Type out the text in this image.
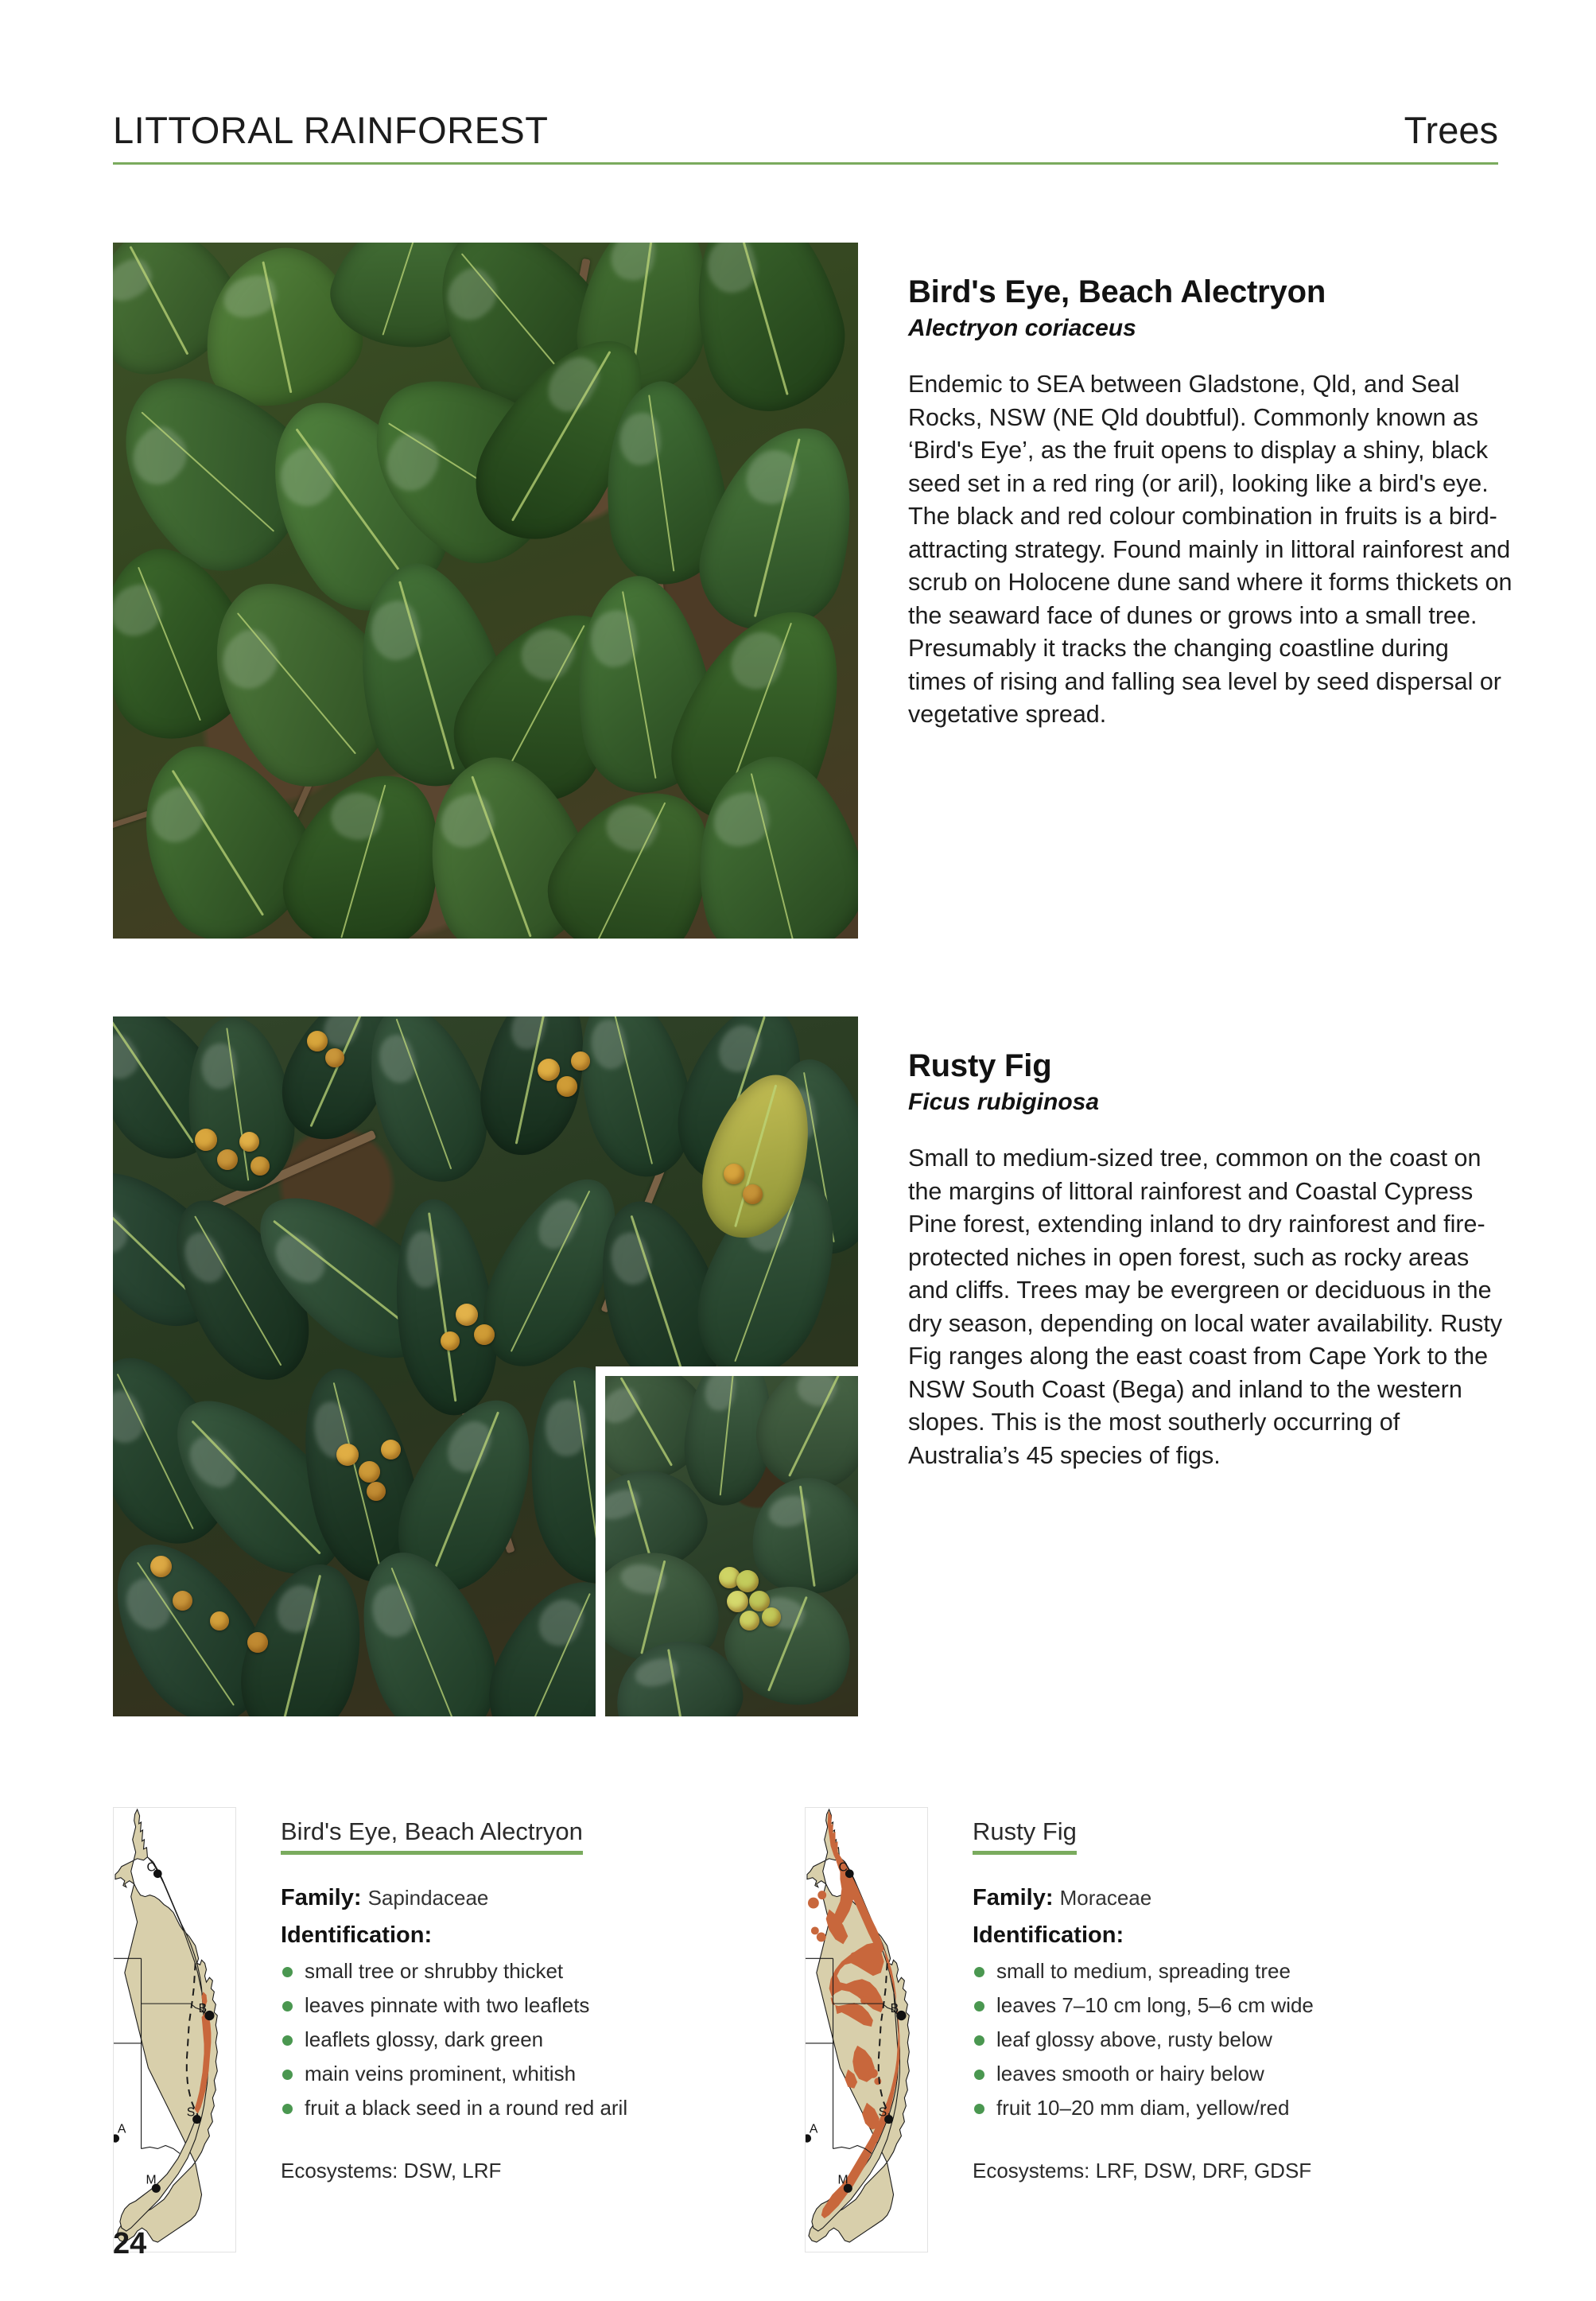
LITTORAL RAINFOREST	Trees
Bird's Eye, Beach Alectryon
Alectryon coriaceus

Endemic to SEA between Gladstone, Qld, and Seal Rocks, NSW (NE Qld doubtful). Commonly known as ‘Bird's Eye’, as the fruit opens to display a shiny, black seed set in a red ring (or aril), looking like a bird's eye. The black and red colour combination in fruits is a bird-attracting strategy. Found mainly in littoral rainforest and scrub on Holocene dune sand where it forms thickets on the seaward face of dunes or grows into a small tree. Presumably it tracks the changing coastline during times of rising and falling sea level by seed dispersal or vegetative spread.

Rusty Fig
Ficus rubiginosa

Small to medium-sized tree, common on the coast on the margins of littoral rainforest and Coastal Cypress Pine forest, extending inland to dry rainforest and fire-protected niches in open forest, such as rocky areas and cliffs. Trees may be evergreen or deciduous in the dry season, depending on local water availability. Rusty Fig ranges along the east coast from Cape York to the NSW South Coast (Bega) and inland to the western slopes. This is the most southerly occurring of Australia’s 45 species of figs.

C
B
S
A
M
Bird's Eye, Beach Alectryon
Family: Sapindaceae
Identification:
small tree or shrubby thicket
leaves pinnate with two leaflets
leaflets glossy, dark green
main veins prominent, whitish
fruit a black seed in a round red aril
Ecosystems: DSW, LRF
C
B
S
A
M
Rusty Fig
Family: Moraceae
Identification:
small to medium, spreading tree
leaves 7–10 cm long, 5–6 cm wide
leaf glossy above, rusty below
leaves smooth or hairy below
fruit 10–20 mm diam, yellow/red
Ecosystems: LRF, DSW, DRF, GDSF
24
